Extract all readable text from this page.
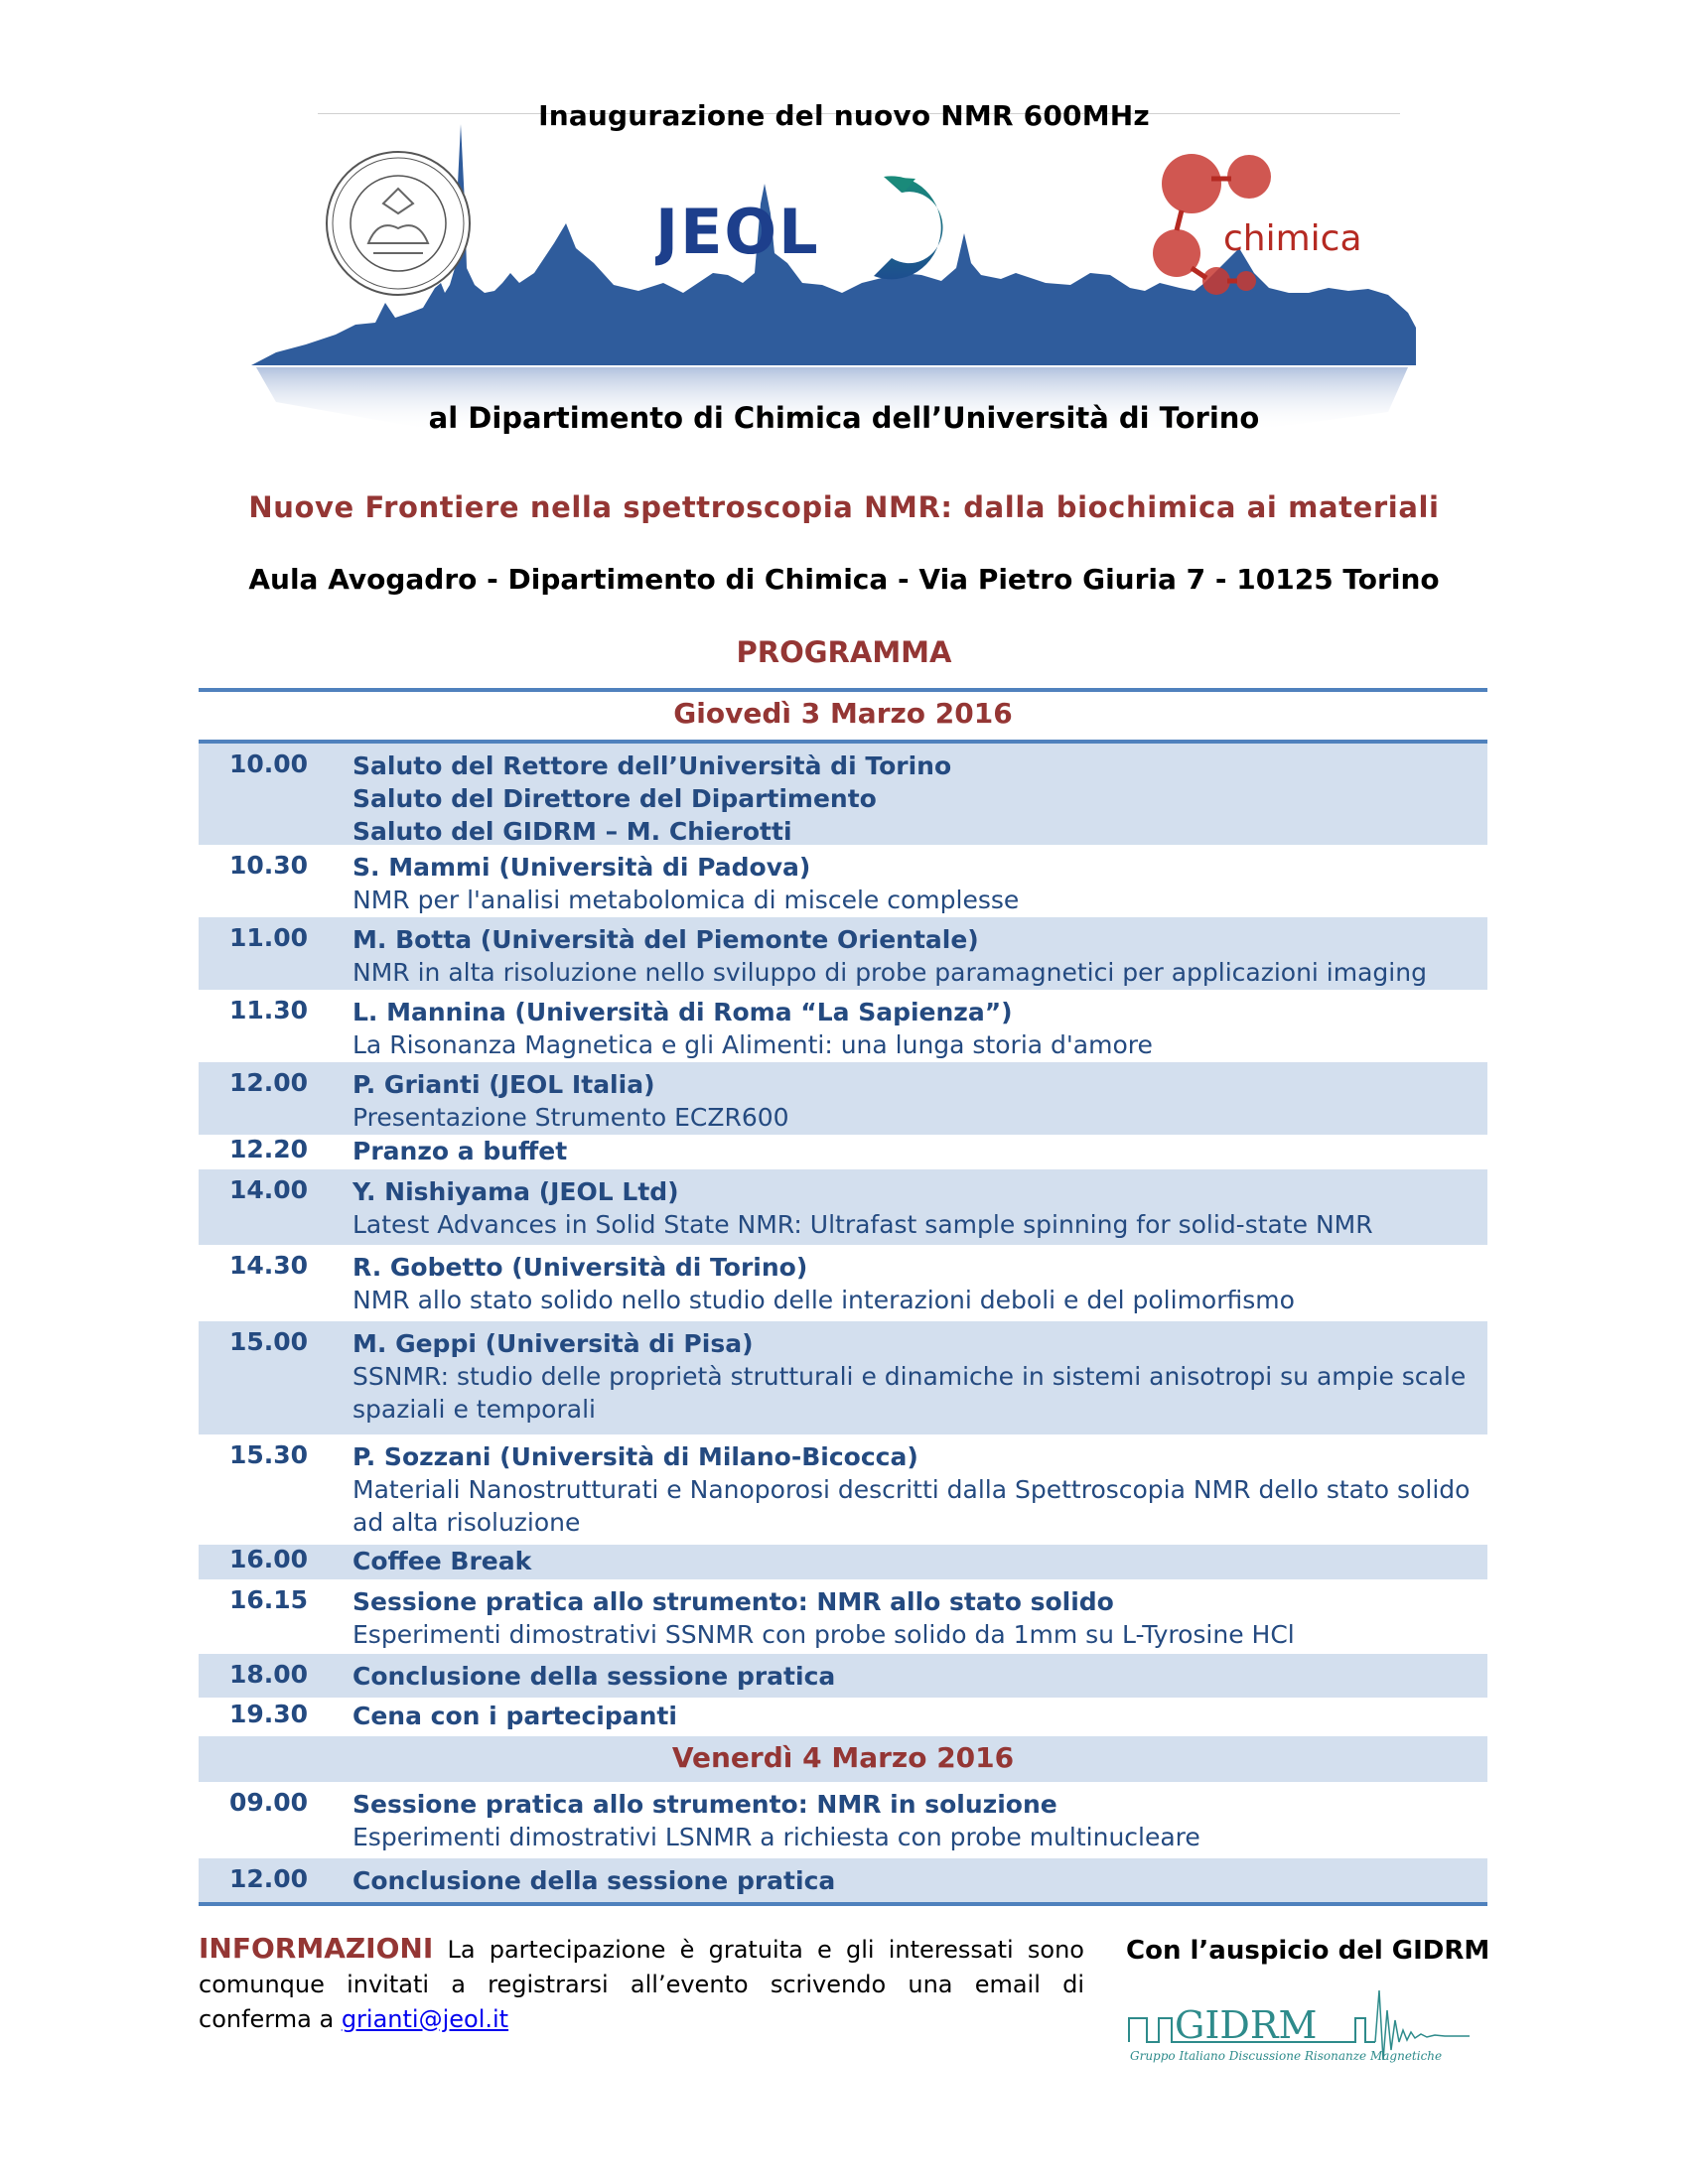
Inaugurazione del nuovo NMR 600MHz
JEOL	chimica
al Dipartimento di Chimica dell’Università di Torino
Nuove Frontiere nella spettroscopia NMR: dalla biochimica ai materiali
Aula Avogadro - Dipartimento di Chimica - Via Pietro Giuria 7 - 10125 Torino
PROGRAMMA
Giovedì 3 Marzo 2016
10.00 Saluto del Rettore dell’Università di Torino
Saluto del Direttore del Dipartimento
Saluto del GIDRM – M. Chierotti
10.30 S. Mammi (Università di Padova)
NMR per l'analisi metabolomica di miscele complesse
11.00 M. Botta (Università del Piemonte Orientale)
NMR in alta risoluzione nello sviluppo di probe paramagnetici per applicazioni imaging
11.30 L. Mannina (Università di Roma “La Sapienza”)
La Risonanza Magnetica e gli Alimenti: una lunga storia d'amore
12.00 P. Grianti (JEOL Italia)
Presentazione Strumento ECZR600
12.20 Pranzo a buffet
14.00 Y. Nishiyama (JEOL Ltd)
Latest Advances in Solid State NMR: Ultrafast sample spinning for solid-state NMR
14.30 R. Gobetto (Università di Torino)
NMR allo stato solido nello studio delle interazioni deboli e del polimorfismo
15.00 M. Geppi (Università di Pisa)
SSNMR: studio delle proprietà strutturali e dinamiche in sistemi anisotropi su ampie scale spaziali e temporali
15.30 P. Sozzani (Università di Milano-Bicocca)
Materiali Nanostrutturati e Nanoporosi descritti dalla Spettroscopia NMR dello stato solido ad alta risoluzione
16.00 Coffee Break
16.15 Sessione pratica allo strumento: NMR allo stato solido
Esperimenti dimostrativi SSNMR con probe solido da 1mm su L-Tyrosine HCl
18.00 Conclusione della sessione pratica
19.30 Cena con i partecipanti
Venerdì 4 Marzo 2016
09.00 Sessione pratica allo strumento: NMR in soluzione
Esperimenti dimostrativi LSNMR a richiesta con probe multinucleare
12.00 Conclusione della sessione pratica
INFORMAZIONI La partecipazione è gratuita e gli interessati sono comunque invitati a registrarsi all’evento scrivendo una email di conferma a grianti@jeol.it
Con l’auspicio del GIDRM
GIDRM
Gruppo Italiano Discussione Risonanze Magnetiche
